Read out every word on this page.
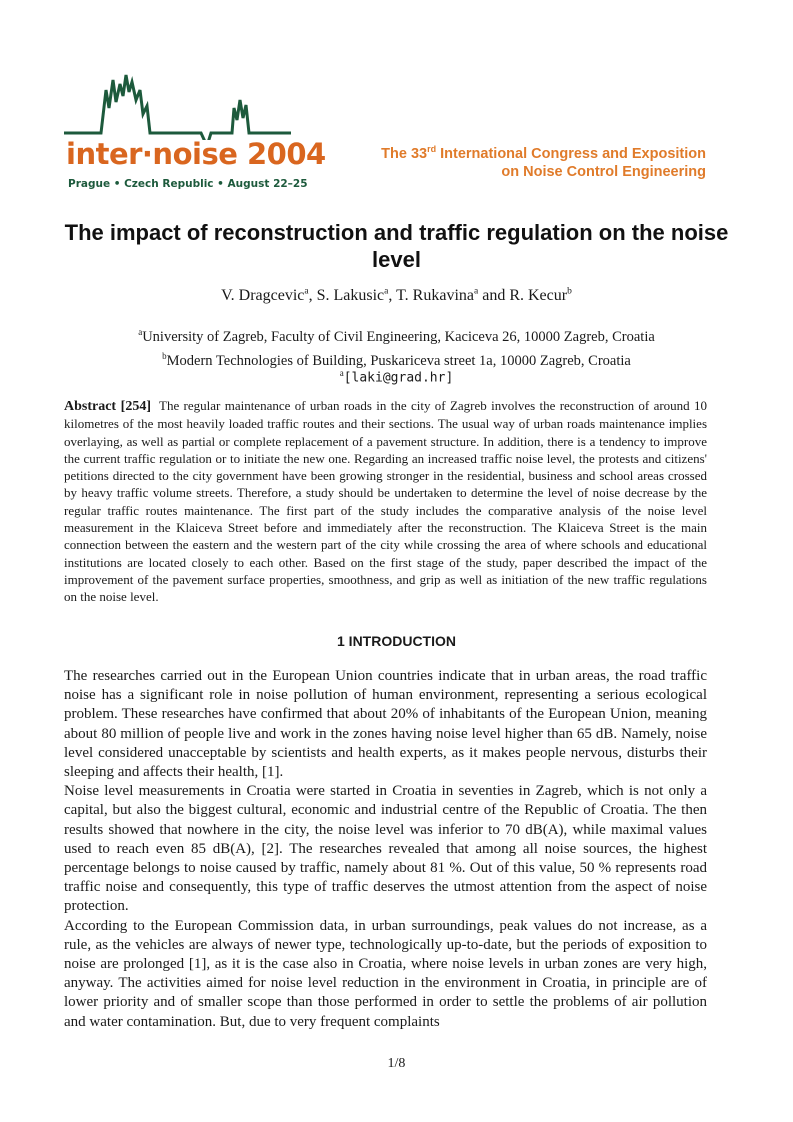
inter·noise 2004
Prague • Czech Republic • August 22–25
The 33rd International Congress and Exposition
on Noise Control Engineering
The impact of reconstruction and traffic regulation on the noise level
V. Dragcevic$^a$, S. Lakusic$^a$, T. Rukavina$^a$ and R. Kecur$^b$
$^a$University of Zagreb, Faculty of Civil Engineering, Kaciceva 26, 10000 Zagreb, Croatia
$^b$Modern Technologies of Building, Puskariceva street 1a, 10000 Zagreb, Croatia
$^a$[laki@grad.hr]

Abstract [254] The regular maintenance of urban roads in the city of Zagreb involves the reconstruction of around 10 kilometres of the most heavily loaded traffic routes and their sections. The usual way of urban roads maintenance implies overlaying, as well as partial or complete replacement of a pavement structure. In addition, there is a tendency to improve the current traffic regulation or to initiate the new one. Regarding an increased traffic noise level, the protests and citizens' petitions directed to the city government have been growing stronger in the residential, business and school areas crossed by heavy traffic volume streets. Therefore, a study should be undertaken to determine the level of noise decrease by the regular traffic routes maintenance. The first part of the study includes the comparative analysis of the noise level measurement in the Klaiceva Street before and immediately after the reconstruction. The Klaiceva Street is the main connection between the eastern and the western part of the city while crossing the area of where schools and educational institutions are located closely to each other. Based on the first stage of the study, paper described the impact of the improvement of the pavement surface properties, smoothness, and grip as well as initiation of the new traffic regulations on the noise level.

1 INTRODUCTION

The researches carried out in the European Union countries indicate that in urban areas, the road traffic noise has a significant role in noise pollution of human environment, representing a serious ecological problem. These researches have confirmed that about 20% of inhabitants of the European Union, meaning about 80 million of people live and work in the zones having noise level higher than 65 dB. Namely, noise level considered unacceptable by scientists and health experts, as it makes people nervous, disturbs their sleeping and affects their health, [1].

Noise level measurements in Croatia were started in Croatia in seventies in Zagreb, which is not only a capital, but also the biggest cultural, economic and industrial centre of the Republic of Croatia. The then results showed that nowhere in the city, the noise level was inferior to 70 dB(A), while maximal values used to reach even 85 dB(A), [2]. The researches revealed that among all noise sources, the highest percentage belongs to noise caused by traffic, namely about 81 %. Out of this value, 50 % represents road traffic noise and consequently, this type of traffic deserves the utmost attention from the aspect of noise protection.

According to the European Commission data, in urban surroundings, peak values do not increase, as a rule, as the vehicles are always of newer type, technologically up-to-date, but the periods of exposition to noise are prolonged [1], as it is the case also in Croatia, where noise levels in urban zones are very high, anyway. The activities aimed for noise level reduction in the environment in Croatia, in principle are of lower priority and of smaller scope than those performed in order to settle the problems of air pollution and water contamination. But, due to very frequent complaints

1/8
